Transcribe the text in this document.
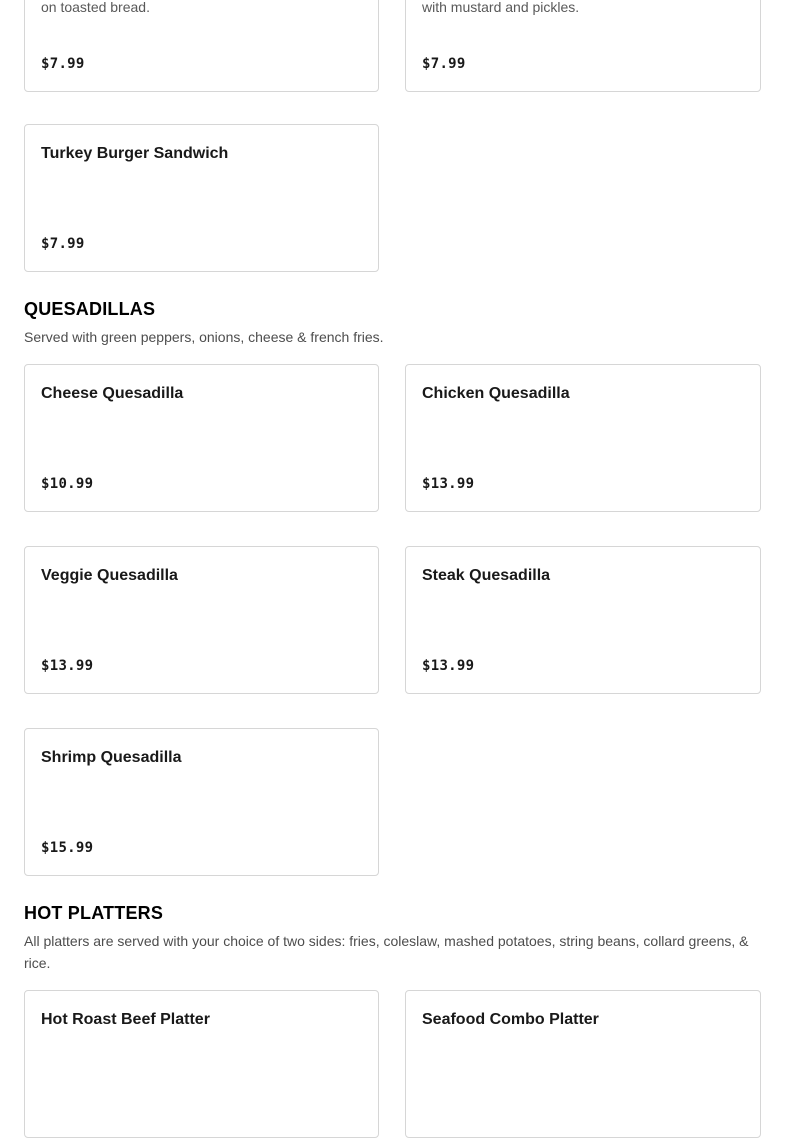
on toasted bread.
$7.99
with mustard and pickles.
$7.99
Turkey Burger Sandwich
$7.99
QUESADILLAS

Served with green peppers, onions, cheese & french fries.

Cheese Quesadilla
$10.99
Chicken Quesadilla
$13.99
Veggie Quesadilla
$13.99
Steak Quesadilla
$13.99
Shrimp Quesadilla
$15.99
HOT PLATTERS

All platters are served with your choice of two sides: fries, coleslaw, mashed potatoes, string beans, collard greens, & rice.

Hot Roast Beef Platter	Seafood Combo Platter
